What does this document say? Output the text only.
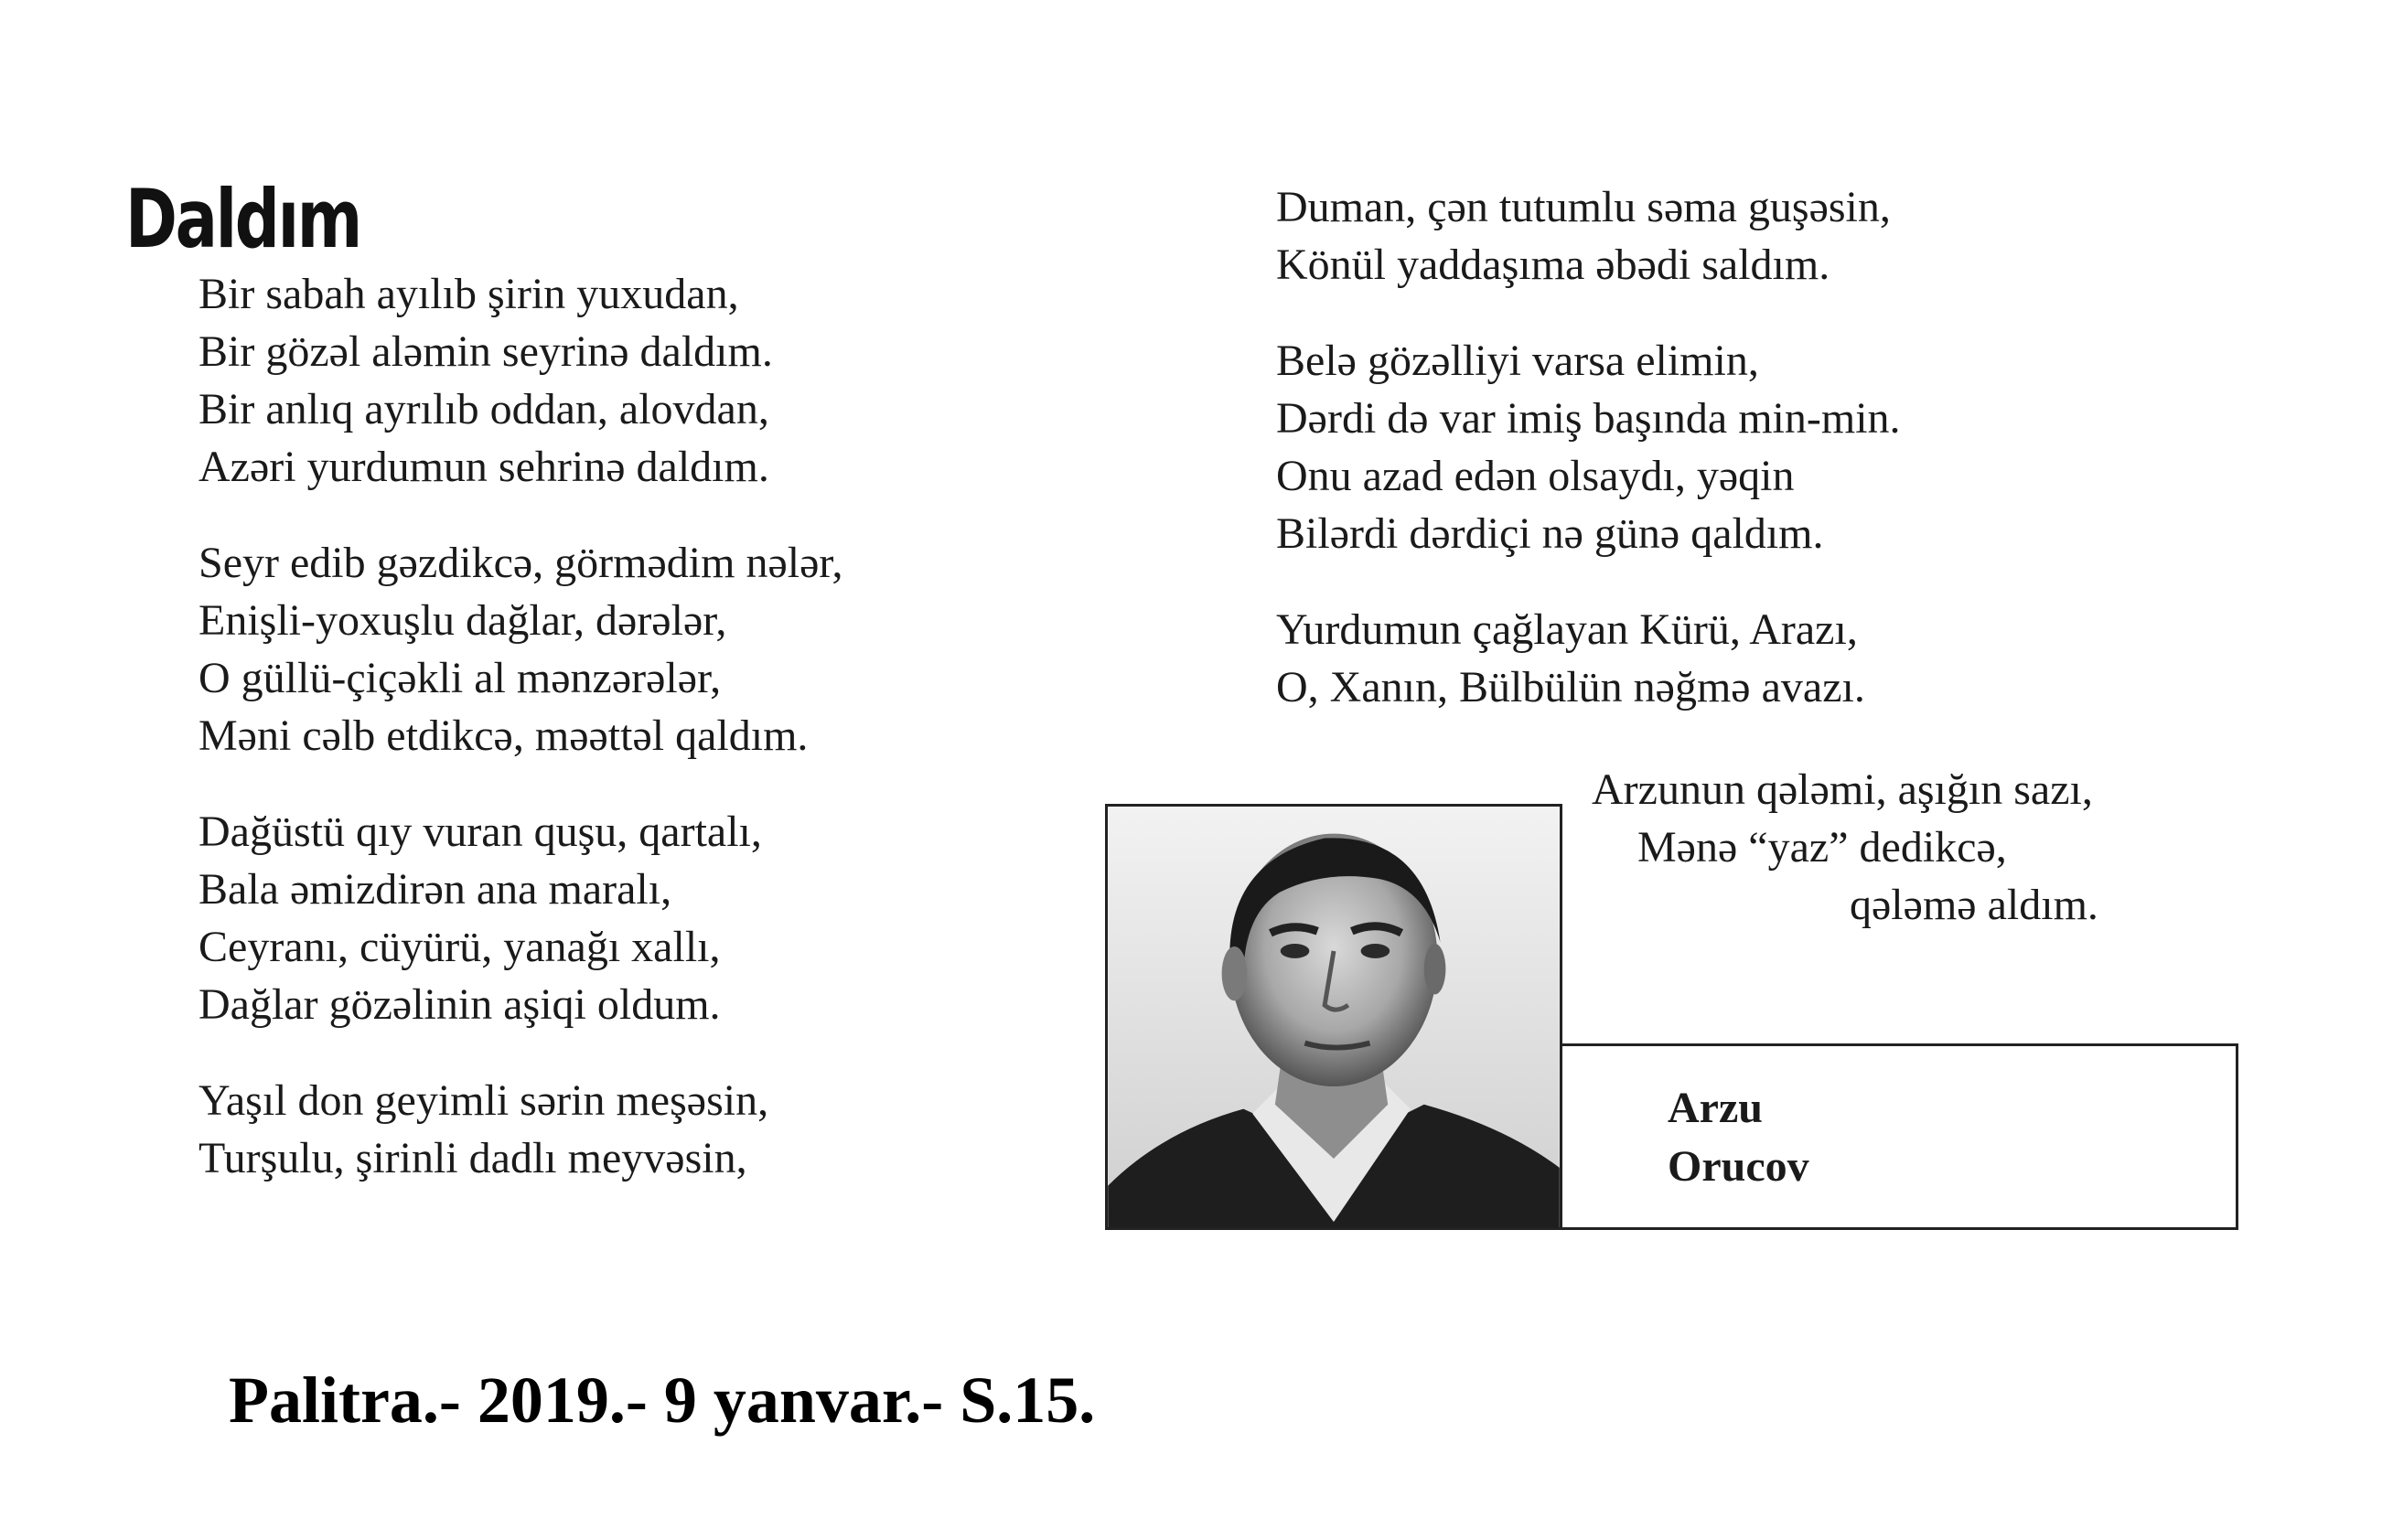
Daldım

Bir sabah ayılıb şirin yuxudan,
Bir gözəl aləmin seyrinə daldım.
Bir anlıq ayrılıb oddan, alovdan,
Azəri yurdumun sehrinə daldım.

Seyr edib gəzdikcə, görmədim nələr,
Enişli-yoxuşlu dağlar, dərələr,
O güllü-çiçəkli al mənzərələr,
Məni cəlb etdikcə, məəttəl qaldım.

Dağüstü qıy vuran quşu, qartalı,
Bala əmizdirən ana maralı,
Ceyranı, cüyürü, yanağı xallı,
Dağlar gözəlinin aşiqi oldum.

Yaşıl don geyimli sərin meşəsin,
Turşulu, şirinli dadlı meyvəsin,

Duman, çən tutumlu səma guşəsin,
Könül yaddaşıma əbədi saldım.

Belə gözəlliyi varsa elimin,
Dərdi də var imiş başında min-min.
Onu azad edən olsaydı, yəqin
Bilərdi dərdiçi nə günə qaldım.

Yurdumun çağlayan Kürü, Arazı,
O, Xanın, Bülbülün nəğmə avazı.

Arzunun qələmi, aşığın sazı,
Mənə “yaz” dedikcə,
qələmə aldım.
Arzu
Orucov
Palitra.- 2019.- 9 yanvar.- S.15.
